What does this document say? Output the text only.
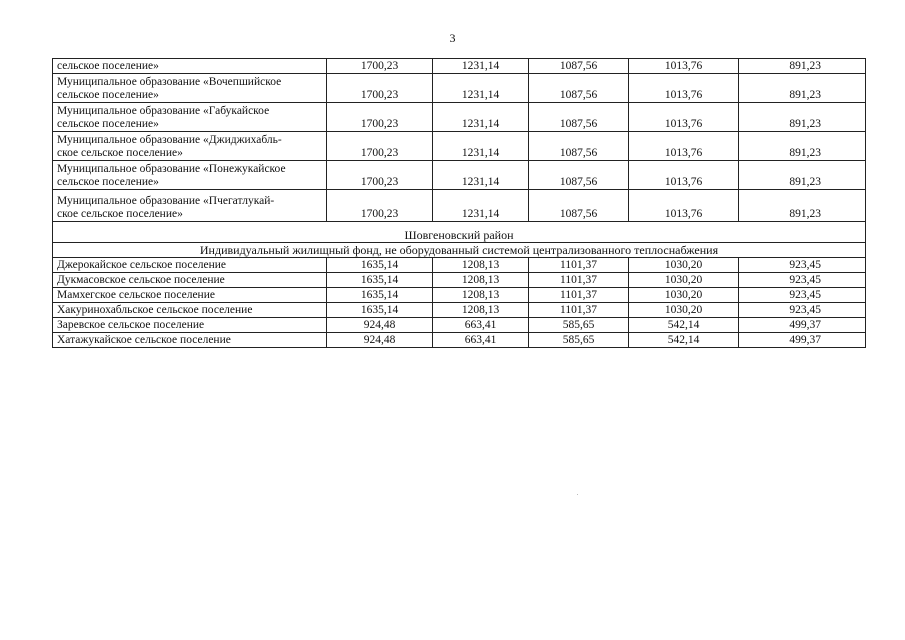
3
сельское поселение»	1700,23	1231,14	1087,56	1013,76	891,23

Муниципальное образование «Вочепшийское
сельское поселение»	1700,23	1231,14	1087,56	1013,76	891,23

Муниципальное образование «Габукайское
сельское поселение»	1700,23	1231,14	1087,56	1013,76	891,23

Муниципальное образование «Джиджихабль-
ское сельское поселение»	1700,23	1231,14	1087,56	1013,76	891,23

Муниципальное образование «Понежукайское
сельское поселение»	1700,23	1231,14	1087,56	1013,76	891,23

Муниципальное образование «Пчегатлукай-
ское сельское поселение»	1700,23	1231,14	1087,56	1013,76	891,23
Шовгеновский район					
Индивидуальный жилищный фонд, не оборудованный системой централизованного теплоснабжения					
Джерокайское сельское поселение	1635,14	1208,13	1101,37	1030,20	923,45
Дукмасовское сельское поселение	1635,14	1208,13	1101,37	1030,20	923,45
Мамхегское сельское поселение	1635,14	1208,13	1101,37	1030,20	923,45
Хакуринохабльское сельское поселение	1635,14	1208,13	1101,37	1030,20	923,45
Заревское сельское поселение	924,48	663,41	585,65	542,14	499,37
Хатажукайское сельское поселение	924,48	663,41	585,65	542,14	499,37
